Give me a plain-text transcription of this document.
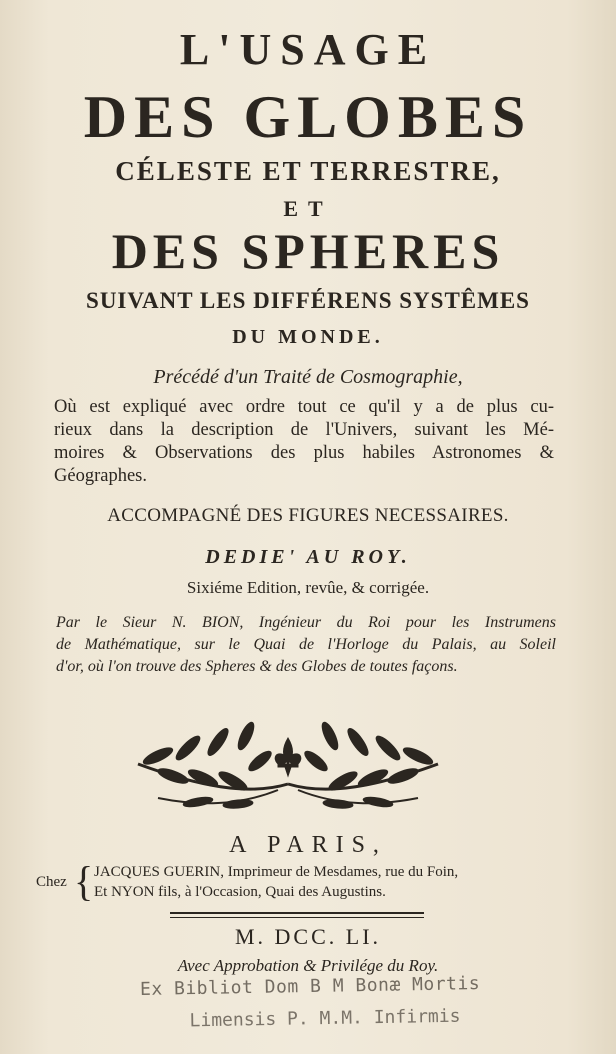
L'USAGE
DES GLOBES
CÉLESTE ET TERRESTRE,
ET
DES SPHERES
SUIVANT LES DIFFÉRENS SYSTÊMES
DU MONDE.
Précédé d'un Traité de Cosmographie,
Où est expliqué avec ordre tout ce qu'il y a de plus cu-
rieux dans la description de l'Univers, suivant les Mé-
moires & Observations des plus habiles Astronomes &
Géographes.
ACCOMPAGNÉ DES FIGURES NECESSAIRES.
DEDIE' AU ROY.
Sixiéme Edition, revûe, & corrigée.
Par le Sieur N. BION, Ingénieur du Roi pour les Instrumens
de Mathématique, sur le Quai de l'Horloge du Palais, au Soleil
d'or, où l'on trouve des Spheres & des Globes de toutes façons.
A PARIS,
Chez { JACQUES GUERIN, Imprimeur de Mesdames, rue du Foin,
Et NYON fils, à l'Occasion, Quai des Augustins.
M. DCC. LI.
Avec Approbation & Privilége du Roy.
Ex Bibliot Dom B M Bonæ Mortis
Limensis P. M.M. Infirmis
